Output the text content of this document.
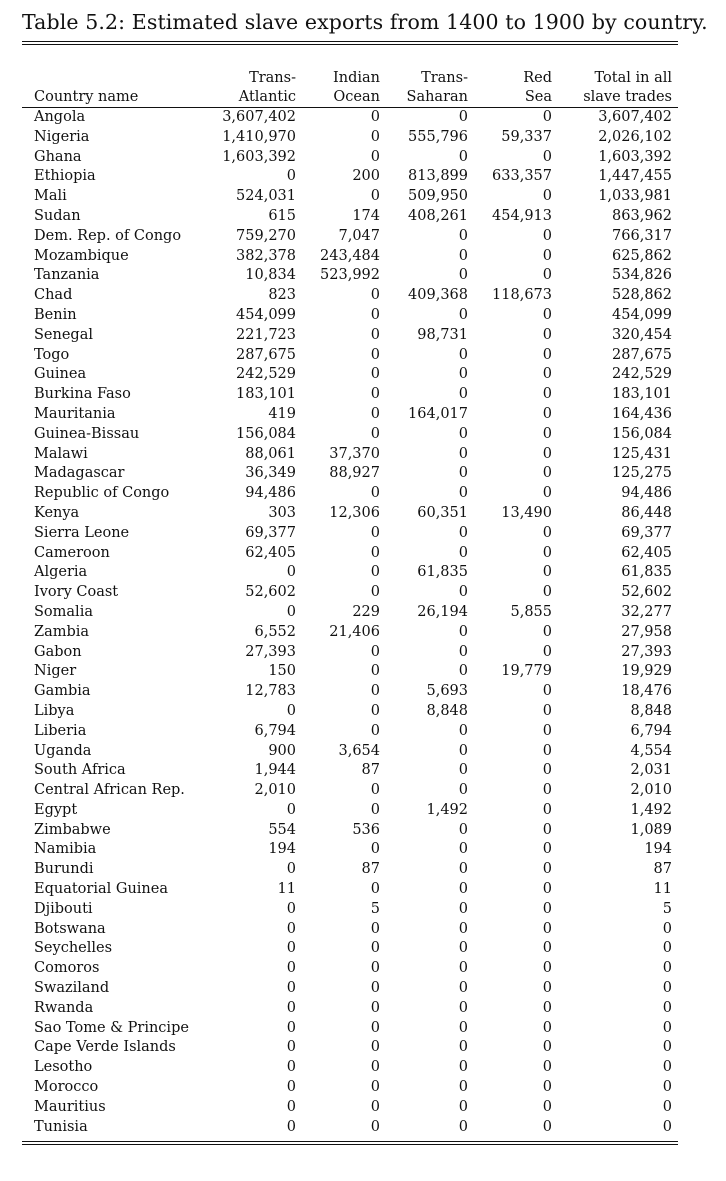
Table 5.2: Estimated slave exports from 1400 to 1900 by country.
	Trans-	Indian	Trans-	Red	Total in all
Country name	Atlantic	Ocean	Saharan	Sea	slave trades
Angola	3,607,402	0	0	0	3,607,402
Nigeria	1,410,970	0	555,796	59,337	2,026,102
Ghana	1,603,392	0	0	0	1,603,392
Ethiopia	0	200	813,899	633,357	1,447,455
Mali	524,031	0	509,950	0	1,033,981
Sudan	615	174	408,261	454,913	863,962
Dem. Rep. of Congo	759,270	7,047	0	0	766,317
Mozambique	382,378	243,484	0	0	625,862
Tanzania	10,834	523,992	0	0	534,826
Chad	823	0	409,368	118,673	528,862
Benin	454,099	0	0	0	454,099
Senegal	221,723	0	98,731	0	320,454
Togo	287,675	0	0	0	287,675
Guinea	242,529	0	0	0	242,529
Burkina Faso	183,101	0	0	0	183,101
Mauritania	419	0	164,017	0	164,436
Guinea-Bissau	156,084	0	0	0	156,084
Malawi	88,061	37,370	0	0	125,431
Madagascar	36,349	88,927	0	0	125,275
Republic of Congo	94,486	0	0	0	94,486
Kenya	303	12,306	60,351	13,490	86,448
Sierra Leone	69,377	0	0	0	69,377
Cameroon	62,405	0	0	0	62,405
Algeria	0	0	61,835	0	61,835
Ivory Coast	52,602	0	0	0	52,602
Somalia	0	229	26,194	5,855	32,277
Zambia	6,552	21,406	0	0	27,958
Gabon	27,393	0	0	0	27,393
Niger	150	0	0	19,779	19,929
Gambia	12,783	0	5,693	0	18,476
Libya	0	0	8,848	0	8,848
Liberia	6,794	0	0	0	6,794
Uganda	900	3,654	0	0	4,554
South Africa	1,944	87	0	0	2,031
Central African Rep.	2,010	0	0	0	2,010
Egypt	0	0	1,492	0	1,492
Zimbabwe	554	536	0	0	1,089
Namibia	194	0	0	0	194
Burundi	0	87	0	0	87
Equatorial Guinea	11	0	0	0	11
Djibouti	0	5	0	0	5
Botswana	0	0	0	0	0
Seychelles	0	0	0	0	0
Comoros	0	0	0	0	0
Swaziland	0	0	0	0	0
Rwanda	0	0	0	0	0
Sao Tome & Principe	0	0	0	0	0
Cape Verde Islands	0	0	0	0	0
Lesotho	0	0	0	0	0
Morocco	0	0	0	0	0
Mauritius	0	0	0	0	0
Tunisia	0	0	0	0	0
